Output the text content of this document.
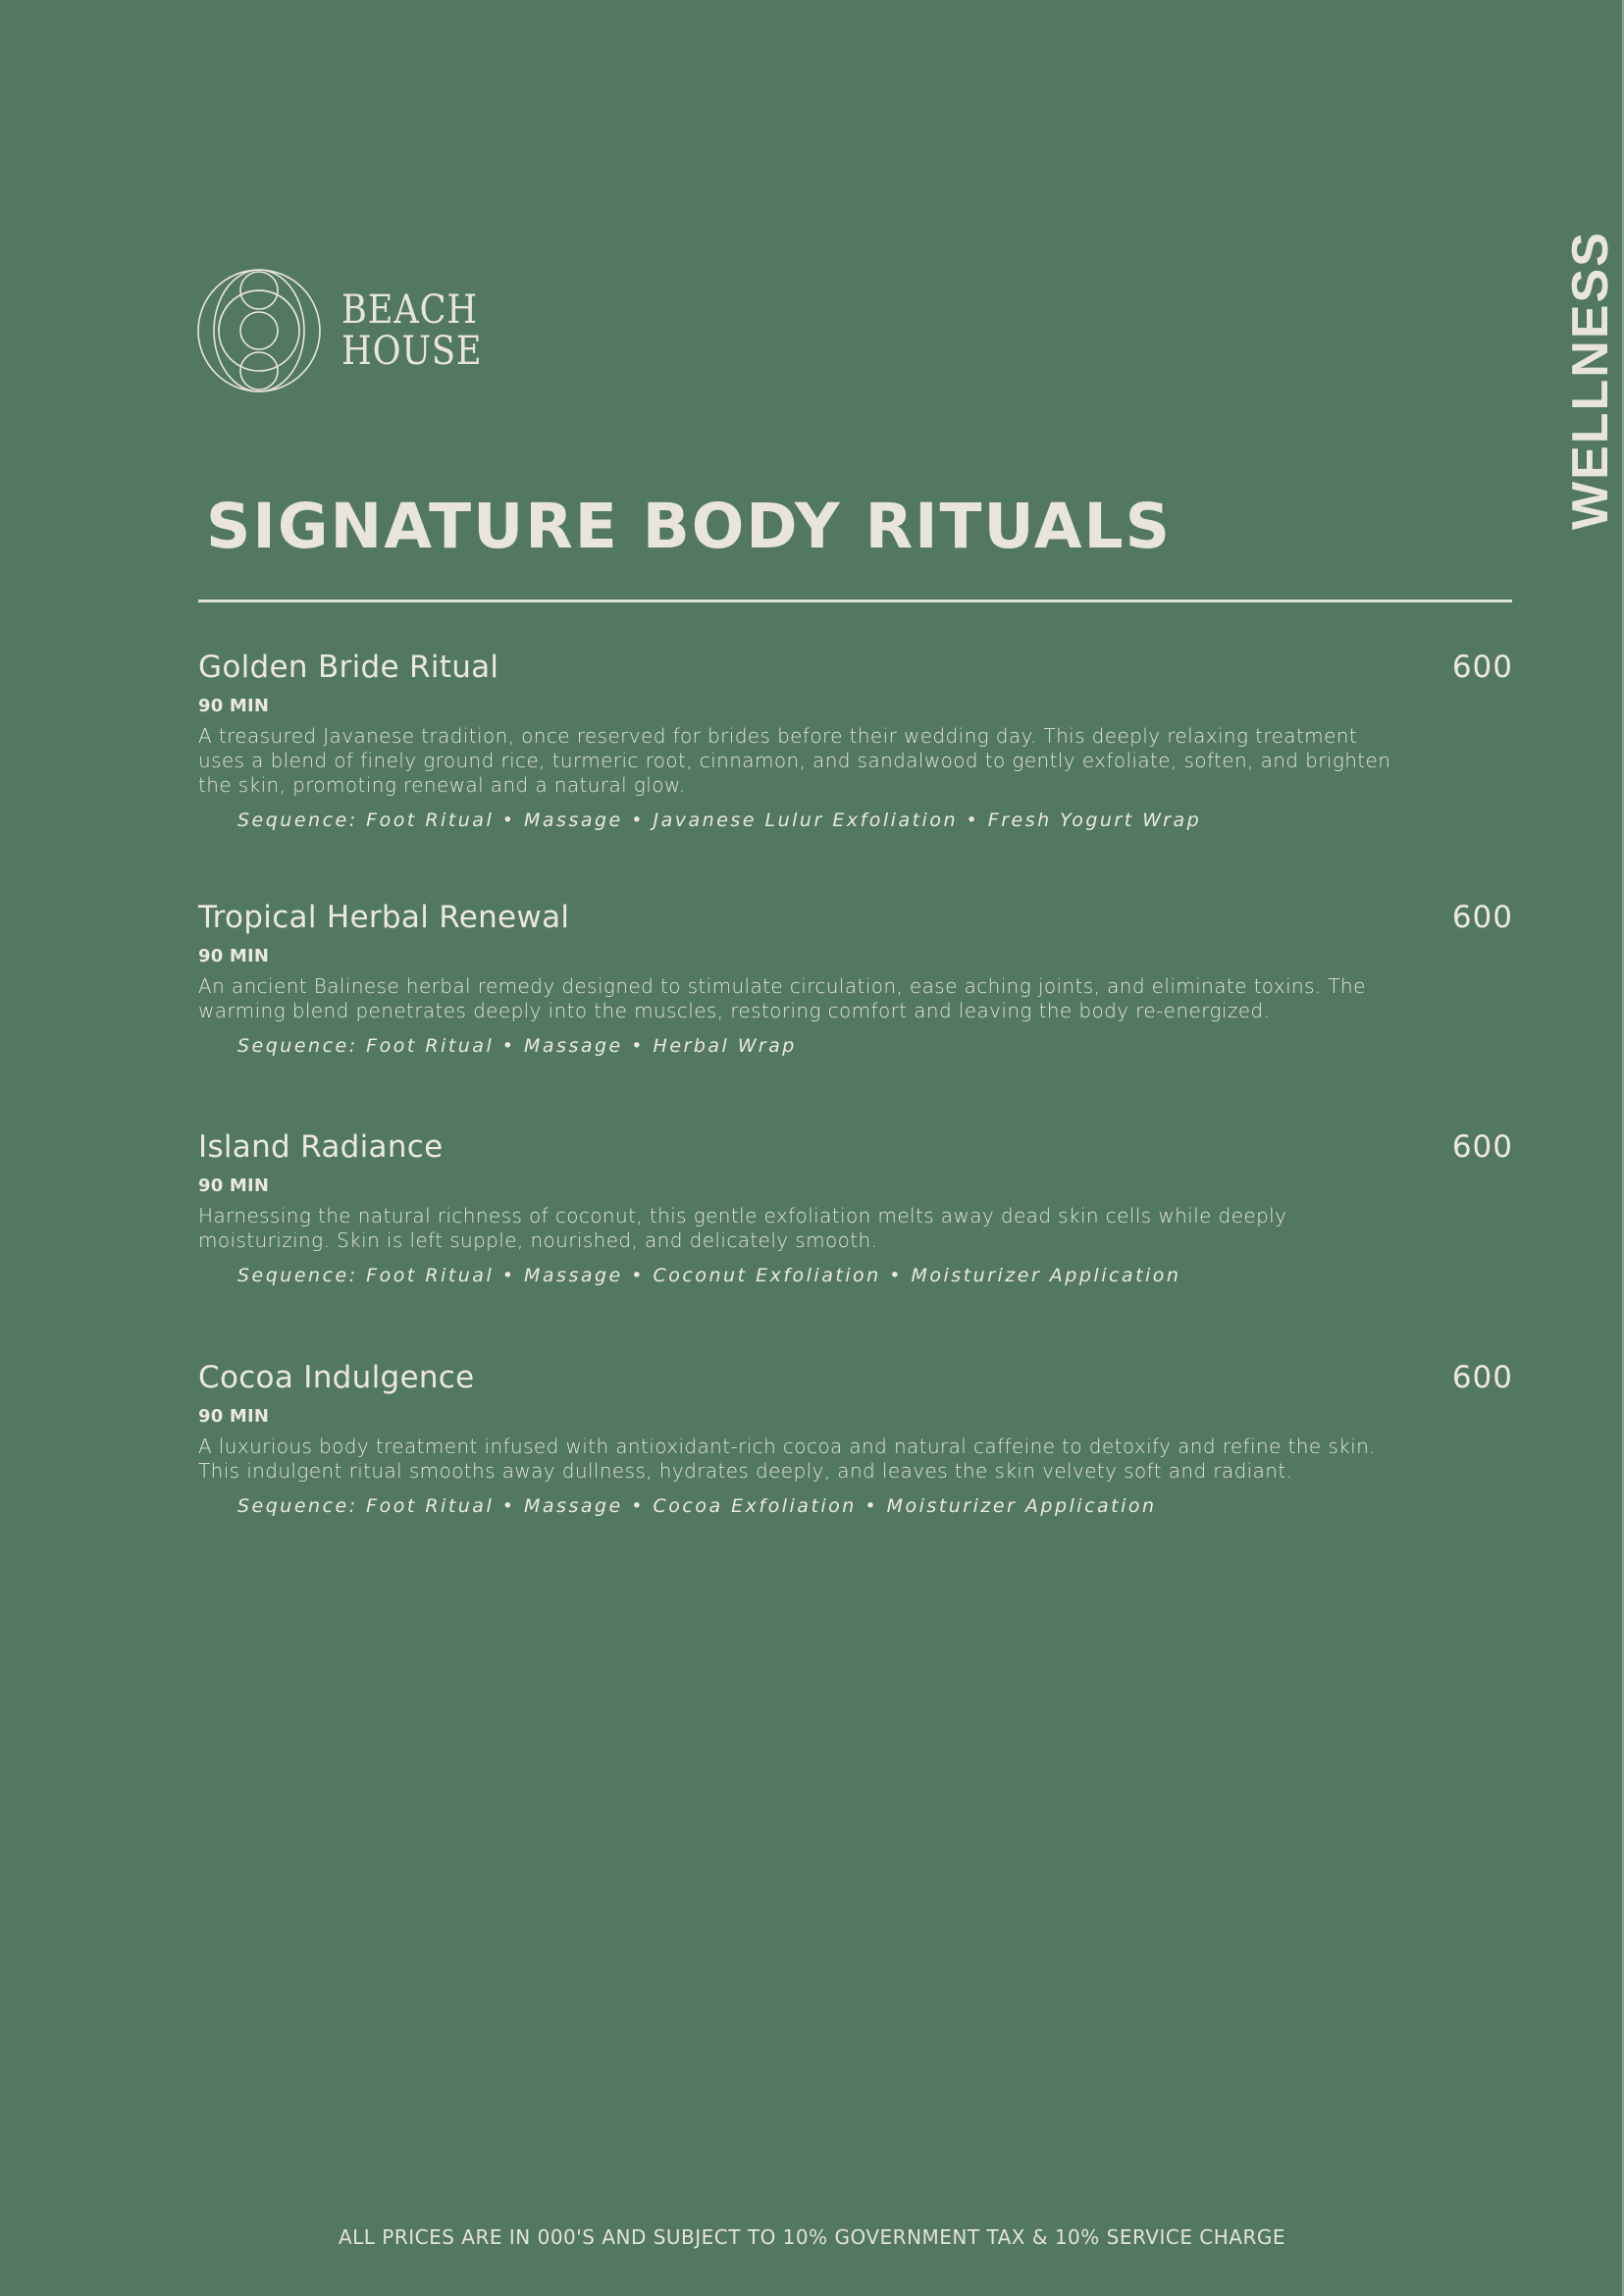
BEACH
HOUSE	WELLNESS
SIGNATURE BODY RITUALS
Golden Bride Ritual	600
90 MIN
A treasured Javanese tradition, once reserved for brides before their wedding day. This deeply relaxing treatment uses a blend of finely ground rice, turmeric root, cinnamon, and sandalwood to gently exfoliate, soften, and brighten the skin, promoting renewal and a natural glow.
Sequence: Foot Ritual • Massage • Javanese Lulur Exfoliation • Fresh Yogurt Wrap
Tropical Herbal Renewal	600
90 MIN
An ancient Balinese herbal remedy designed to stimulate circulation, ease aching joints, and eliminate toxins. The warming blend penetrates deeply into the muscles, restoring comfort and leaving the body re-energized.
Sequence: Foot Ritual • Massage • Herbal Wrap
Island Radiance	600
90 MIN
Harnessing the natural richness of coconut, this gentle exfoliation melts away dead skin cells while deeply moisturizing. Skin is left supple, nourished, and delicately smooth.
Sequence: Foot Ritual • Massage • Coconut Exfoliation • Moisturizer Application
Cocoa Indulgence	600
90 MIN
A luxurious body treatment infused with antioxidant-rich cocoa and natural caffeine to detoxify and refine the skin. This indulgent ritual smooths away dullness, hydrates deeply, and leaves the skin velvety soft and radiant.
Sequence: Foot Ritual • Massage • Cocoa Exfoliation • Moisturizer Application
ALL PRICES ARE IN 000'S AND SUBJECT TO 10% GOVERNMENT TAX & 10% SERVICE CHARGE
